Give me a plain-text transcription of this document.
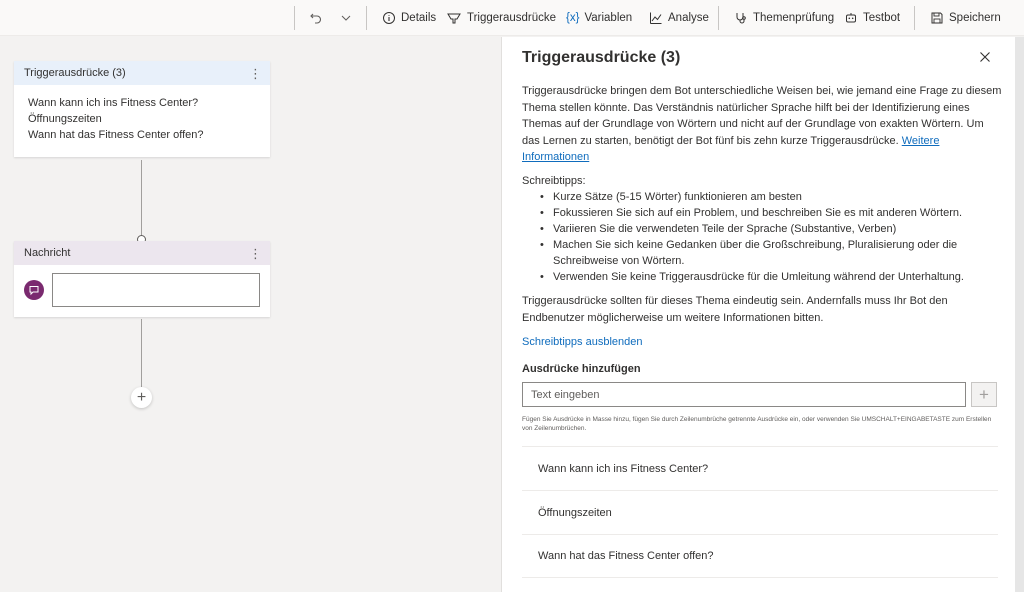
Details	Triggerausdrücke {x} Variablen	Analyse	Themenprüfung	Testbot	Speichern
Triggerausdrücke (3)	⋮
Wann kann ich ins Fitness Center?
Öffnungszeiten
Wann hat das Fitness Center offen?
Nachricht	⋮
+
Triggerausdrücke (3)
Triggerausdrücke bringen dem Bot unterschiedliche Weisen bei, wie jemand eine Frage zu diesem Thema stellen könnte. Das Verständnis natürlicher Sprache hilft bei der Identifizierung eines Themas auf der Grundlage von Wörtern und nicht auf der Grundlage von exakten Wörtern. Um das Lernen zu starten, benötigt der Bot fünf bis zehn kurze Triggerausdrücke. Weitere Informationen
Schreibtipps:
• Kurze Sätze (5-15 Wörter) funktionieren am besten
• Fokussieren Sie sich auf ein Problem, und beschreiben Sie es mit anderen Wörtern.
• Variieren Sie die verwendeten Teile der Sprache (Substantive, Verben)
• Machen Sie sich keine Gedanken über die Großschreibung, Pluralisierung oder die Schreibweise von Wörtern.
• Verwenden Sie keine Triggerausdrücke für die Umleitung während der Unterhaltung.
Triggerausdrücke sollten für dieses Thema eindeutig sein. Andernfalls muss Ihr Bot den Endbenutzer möglicherweise um weitere Informationen bitten.
Schreibtipps ausblenden
Ausdrücke hinzufügen
Text eingeben
+
Fügen Sie Ausdrücke in Masse hinzu, fügen Sie durch Zeilenumbrüche getrennte Ausdrücke ein, oder verwenden Sie UMSCHALT+EINGABETASTE zum Erstellen von Zeilenumbrüchen.
Wann kann ich ins Fitness Center?
Öffnungszeiten
Wann hat das Fitness Center offen?
